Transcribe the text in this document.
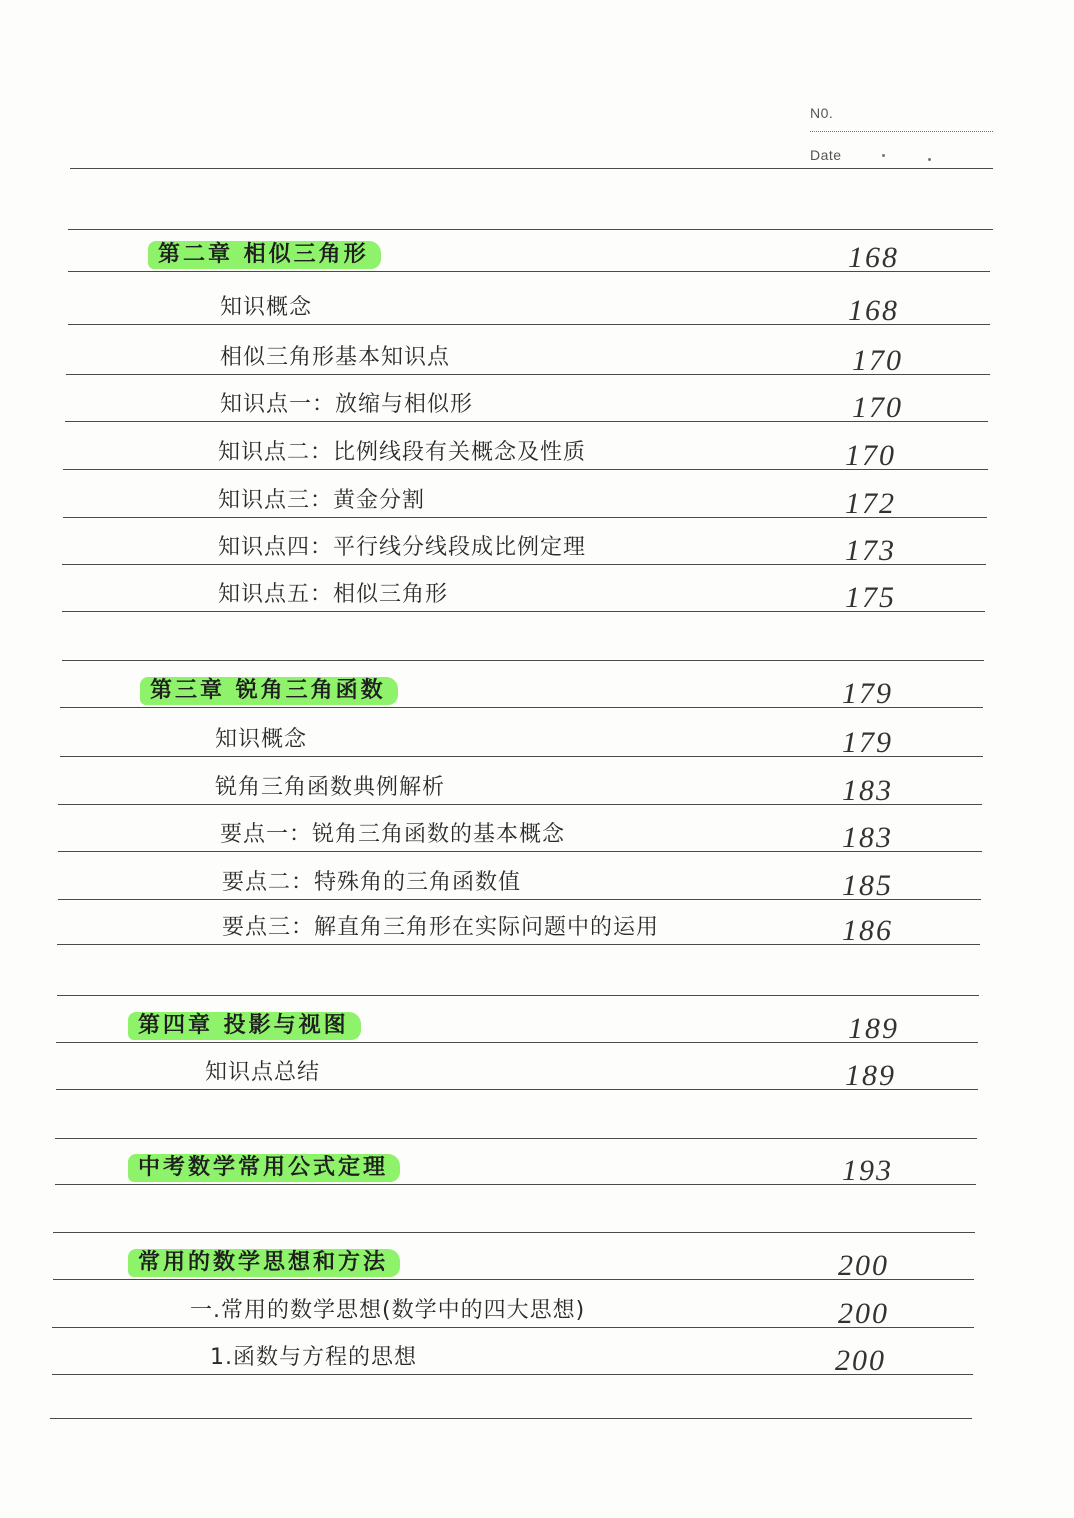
N0.
Date
第二章 相似三角形	168
知识概念	168
相似三角形基本知识点	170
知识点一：放缩与相似形	170
知识点二：比例线段有关概念及性质	170
知识点三：黄金分割	172
知识点四：平行线分线段成比例定理	173
知识点五：相似三角形	175
第三章 锐角三角函数	179
知识概念	179
锐角三角函数典例解析	183
要点一：锐角三角函数的基本概念	183
要点二：特殊角的三角函数值	185
要点三：解直角三角形在实际问题中的运用	186
第四章 投影与视图	189
知识点总结	189
中考数学常用公式定理	193
常用的数学思想和方法	200
一.常用的数学思想(数学中的四大思想)	200
1.函数与方程的思想	200
